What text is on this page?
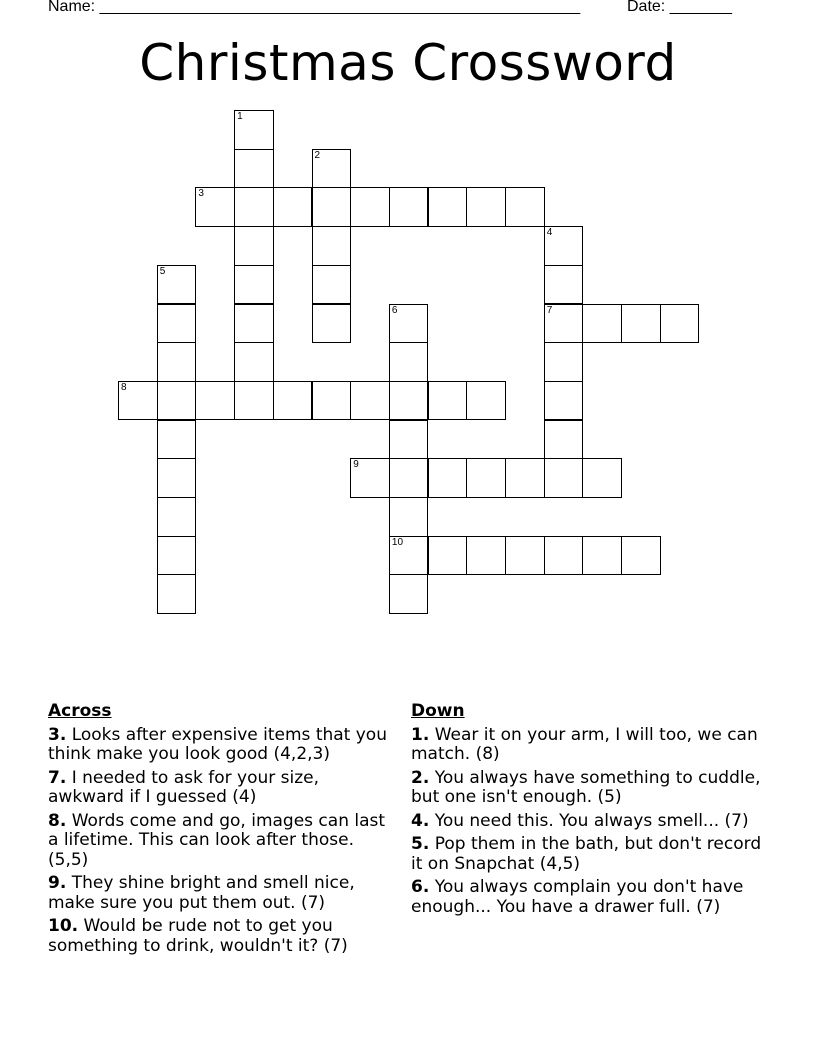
Name: ______________________________________________________	Date: _______
Christmas Crossword
1
2
3
4
7
5
6
10
8
9
Across
3. Looks after expensive items that you think make you look good (4,2,3)
7. I needed to ask for your size, awkward if I guessed (4)
8. Words come and go, images can last a lifetime. This can look after those. (5,5)
9. They shine bright and smell nice, make sure you put them out. (7)
10. Would be rude not to get you something to drink, wouldn't it? (7)
Down
1. Wear it on your arm, I will too, we can match. (8)
2. You always have something to cuddle, but one isn't enough. (5)
4. You need this. You always smell... (7)
5. Pop them in the bath, but don't record it on Snapchat (4,5)
6. You always complain you don't have enough... You have a drawer full. (7)
